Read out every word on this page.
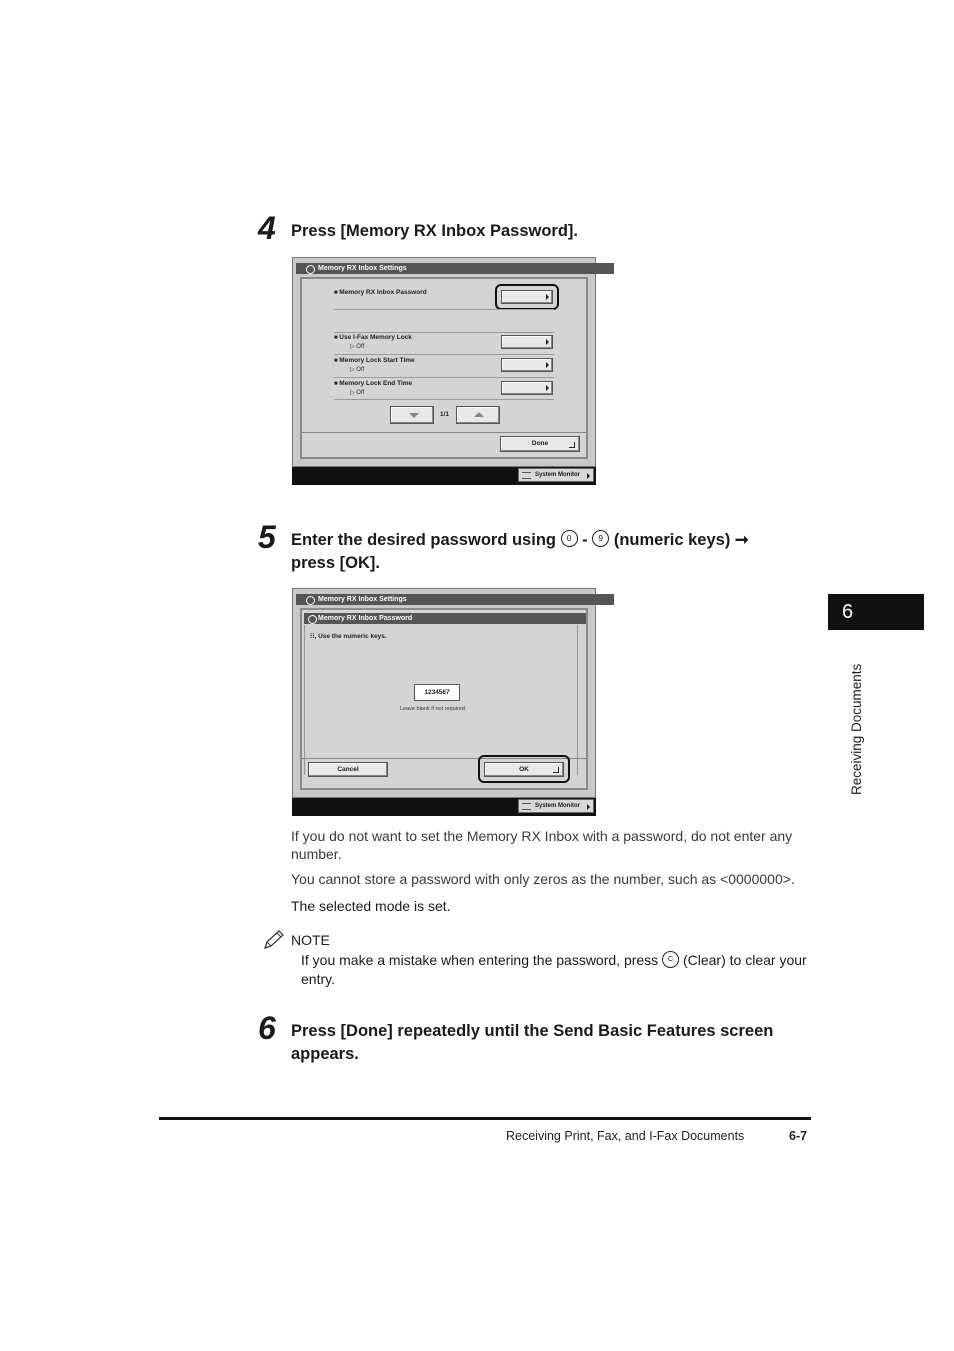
4 Press [Memory RX Inbox Password].
Memory RX Inbox Settings
■ Memory RX Inbox Password
■ Use I-Fax Memory Lock
▷ Off
■ Memory Lock Start Time
▷ Off
■ Memory Lock End Time
▷ Off
1/1
Done
System Monitor
5 Enter the desired password using 0 - 9 (numeric keys) ➞
press [OK].
Memory RX Inbox Settings
Memory RX Inbox Password
⁝⁝, Use the numeric keys.
1234567
Leave blank if not required.
Cancel	OK
System Monitor
If you do not want to set the Memory RX Inbox with a password, do not enter any number.
You cannot store a password with only zeros as the number, such as <0000000>.
The selected mode is set.
NOTE
If you make a mistake when entering the password, press C (Clear) to clear your entry.
6 Press [Done] repeatedly until the Send Basic Features screen appears.
6
Receiving Documents
Receiving Print, Fax, and I-Fax Documents	6-7
